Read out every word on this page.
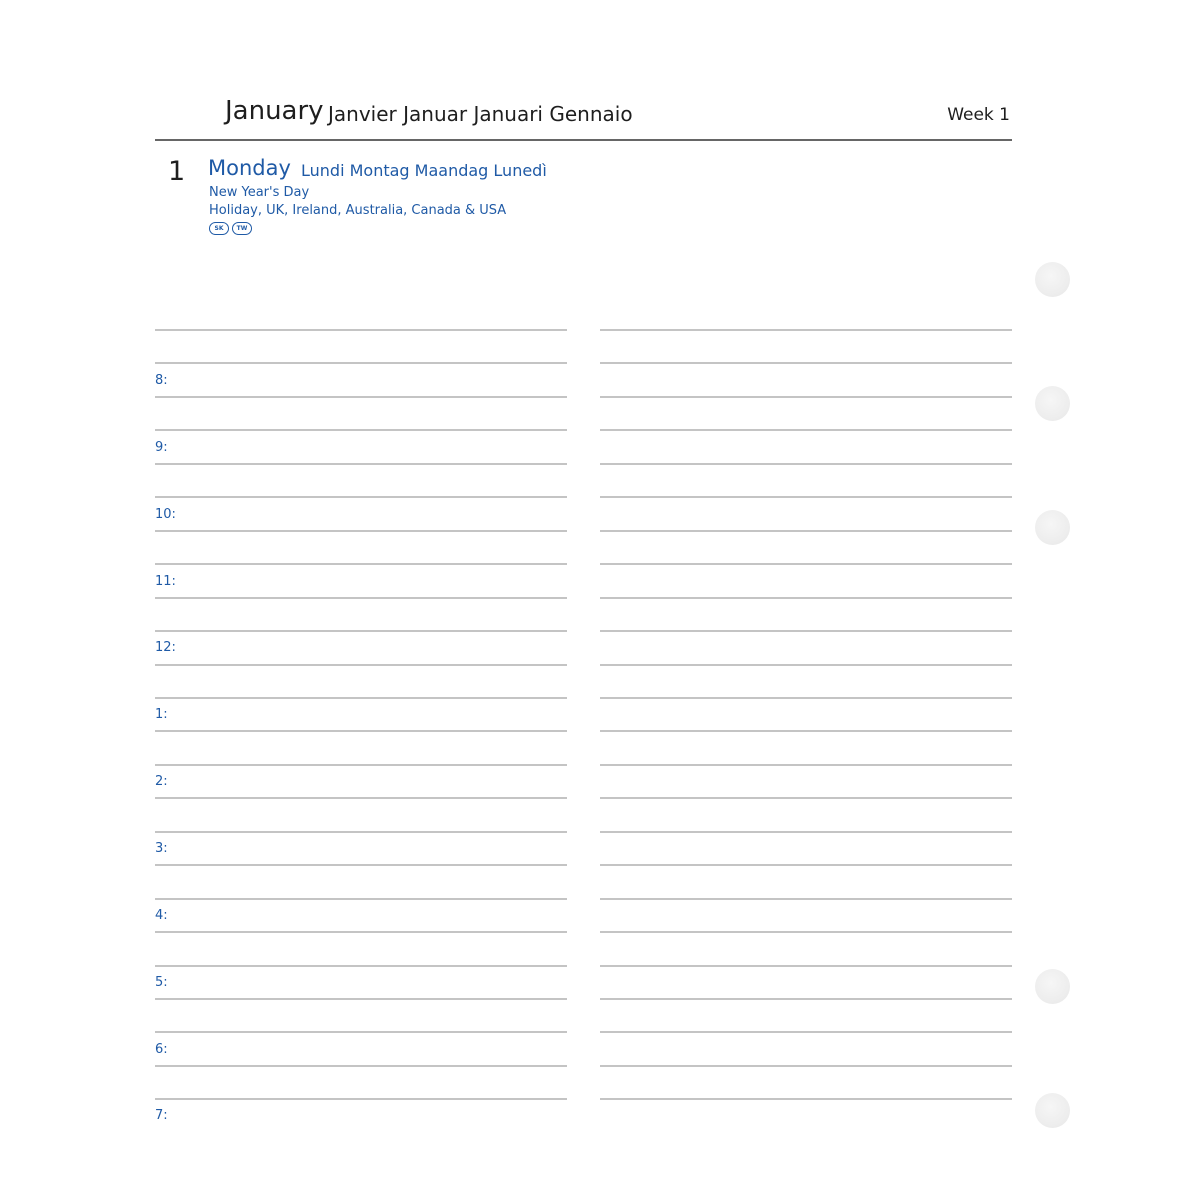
January Janvier Januar Januari Gennaio	Week 1
1 Monday Lundi Montag Maandag Lunedì
New Year's Day
Holiday, UK, Ireland, Australia, Canada & USA
SK	TW
8:
9:
10:
11:
12:
1:
2:
3:
4:
5:
6:
7:
